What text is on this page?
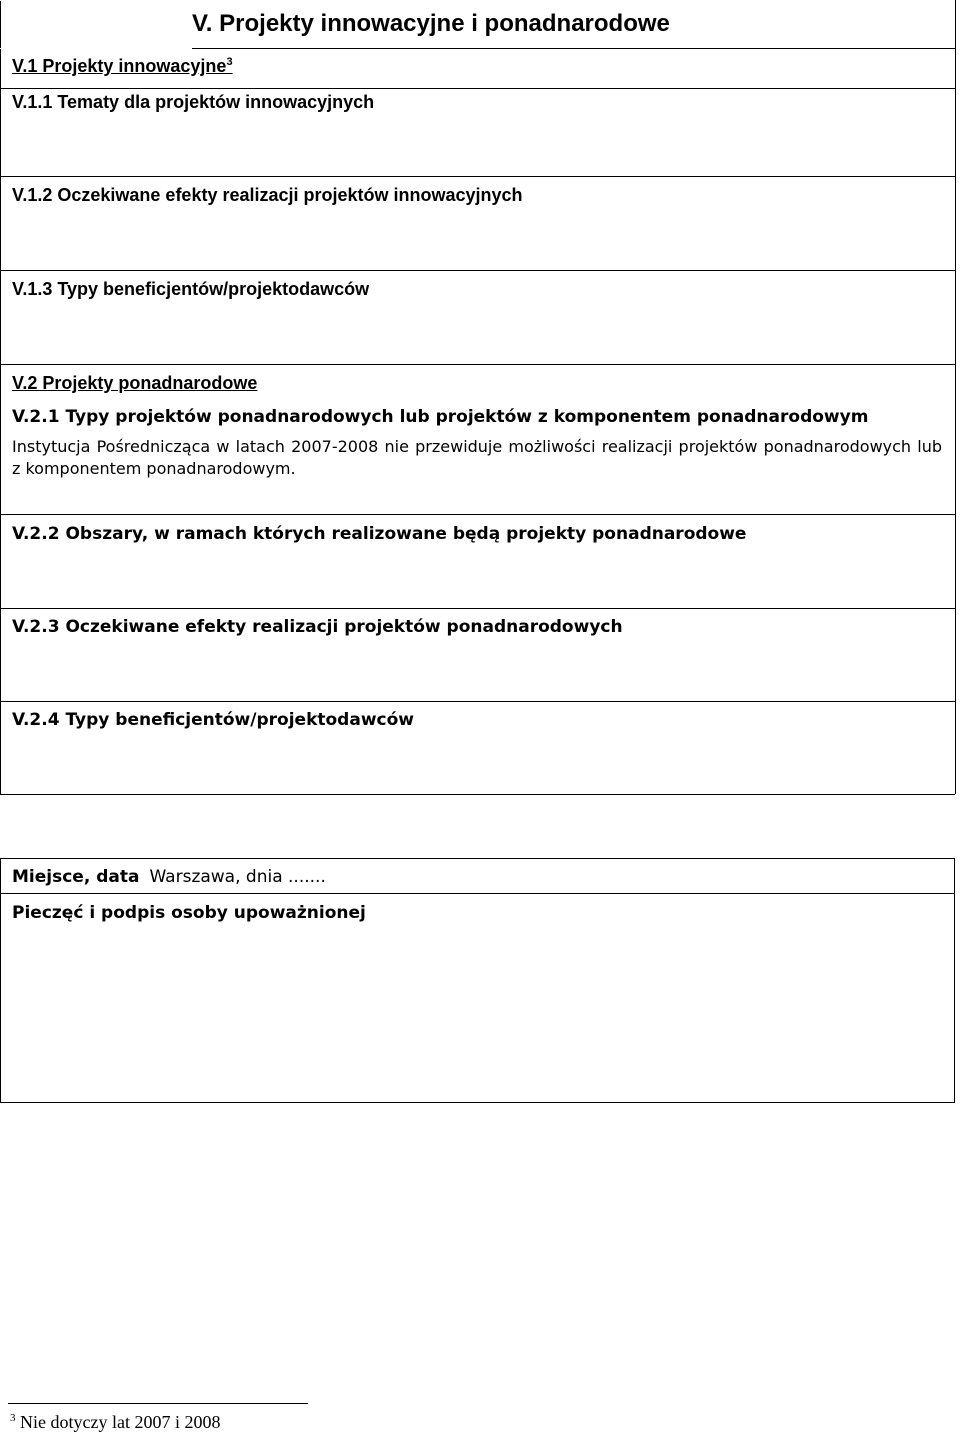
V. Projekty innowacyjne i ponadnarodowe

V.1 Projekty innowacyjne$^3$

V.1.1 Tematy dla projektów innowacyjnych

V.1.2 Oczekiwane efekty realizacji projektów innowacyjnych

V.1.3 Typy beneficjentów/projektodawców

V.2 Projekty ponadnarodowe

V.2.1 Typy projektów ponadnarodowych lub projektów z komponentem ponadnarodowym

Instytucja Pośrednicząca w latach 2007-2008 nie przewiduje możliwości realizacji projektów ponadnarodowych lub z komponentem ponadnarodowym.

V.2.2 Obszary, w ramach których realizowane będą projekty ponadnarodowe

V.2.3 Oczekiwane efekty realizacji projektów ponadnarodowych

V.2.4 Typy beneficjentów/projektodawców

Miejsce, data Warszawa, dnia .......

Pieczęć i podpis osoby upoważnionej

$^3$ Nie dotyczy lat 2007 i 2008
